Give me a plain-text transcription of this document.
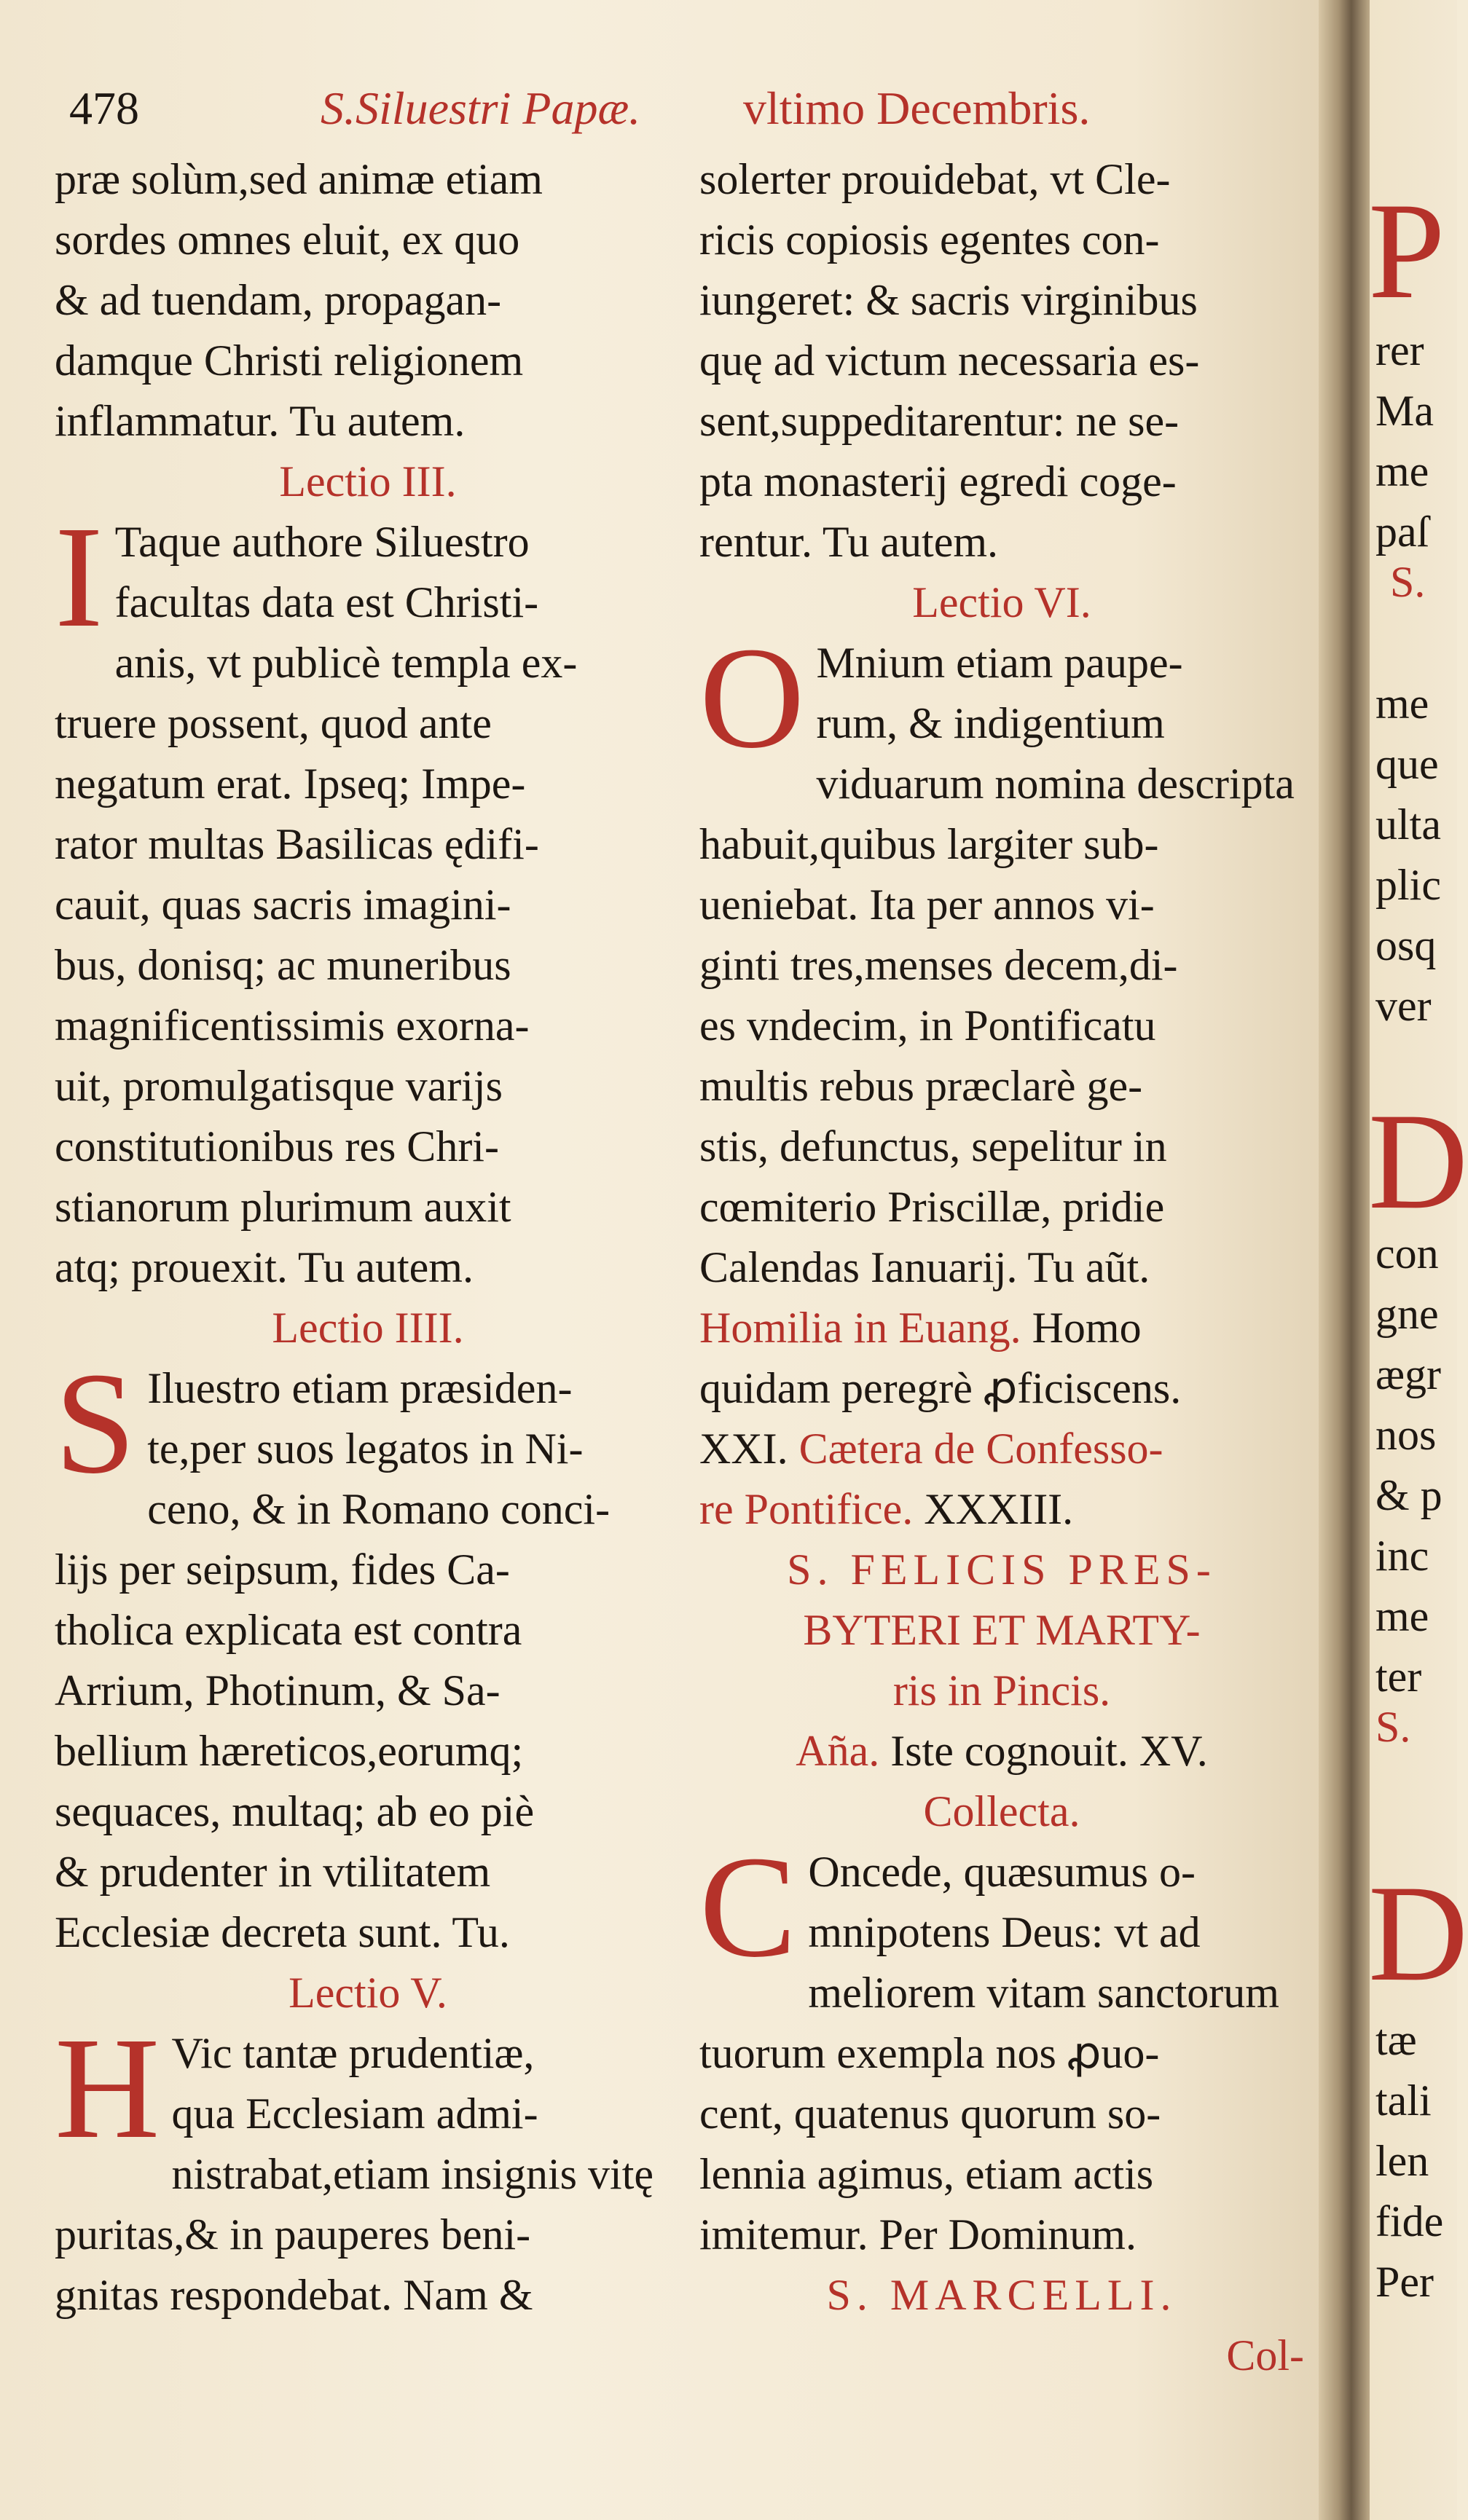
478	S.Siluestri Papæ. vltimo Decembris.
præ solùm,sed animæ etiam
sordes omnes eluit, ex quo
& ad tuendam, propagan-
damque Christi religionem
inflammatur. Tu autem.
Lectio III.
I Taque authore Siluestro
facultas data est Christi-
anis, vt publicè templa ex-
truere possent, quod ante
negatum erat. Ipseq; Impe-
rator multas Basilicas ędifi-
cauit, quas sacris imagini-
bus, donisq; ac muneribus
magnificentissimis exorna-
uit, promulgatisque varijs
constitutionibus res Chri-
stianorum plurimum auxit
atq; prouexit. Tu autem.
Lectio IIII.
S Iluestro etiam præsiden-
te,per suos legatos in Ni-
ceno, & in Romano conci-
lijs per seipsum, fides Ca-
tholica explicata est contra
Arrium, Photinum, & Sa-
bellium hæreticos,eorumq;
sequaces, multaq; ab eo piè
& prudenter in vtilitatem
Ecclesiæ decreta sunt. Tu.
Lectio V.
H Vic tantæ prudentiæ,
qua Ecclesiam admi-
nistrabat,etiam insignis vitę
puritas,& in pauperes beni-
gnitas respondebat. Nam &
solerter prouidebat, vt Cle-
ricis copiosis egentes con-
iungeret: & sacris virginibus
quę ad victum necessaria es-
sent,suppeditarentur: ne se-
pta monasterij egredi coge-
rentur. Tu autem.
Lectio VI.
O Mnium etiam paupe-
rum, & indigentium
viduarum nomina descripta
habuit,quibus largiter sub-
ueniebat. Ita per annos vi-
ginti tres,menses decem,di-
es vndecim, in Pontificatu
multis rebus præclarè ge-
stis, defunctus, sepelitur in
cœmiterio Priscillæ, pridie
Calendas Ianuarij. Tu aũt.
Homilia in Euang. Homo
quidam peregrè ꝓficiscens.
XXI. Cætera de Confesso-
re Pontifice. XXXIII.
S. FELICIS PRES-
BYTERI ET MARTY-
ris in Pincis.
Aña. Iste cognouit. XV.
Collecta.
C Oncede, quæsumus o-
mnipotens Deus: vt ad
meliorem vitam sanctorum
tuorum exempla nos ꝓuo-
cent, quatenus quorum so-
lennia agimus, etiam actis
imitemur. Per Dominum.
S. MARCELLI.
Col-
P
D
D
rer
Ma
me
paſ
S.
me
que
ulta
plic
osq
ver
con
gne
ægr
nos
& p
inc
me
ter
S.
tæ
tali
len
fide
Per
